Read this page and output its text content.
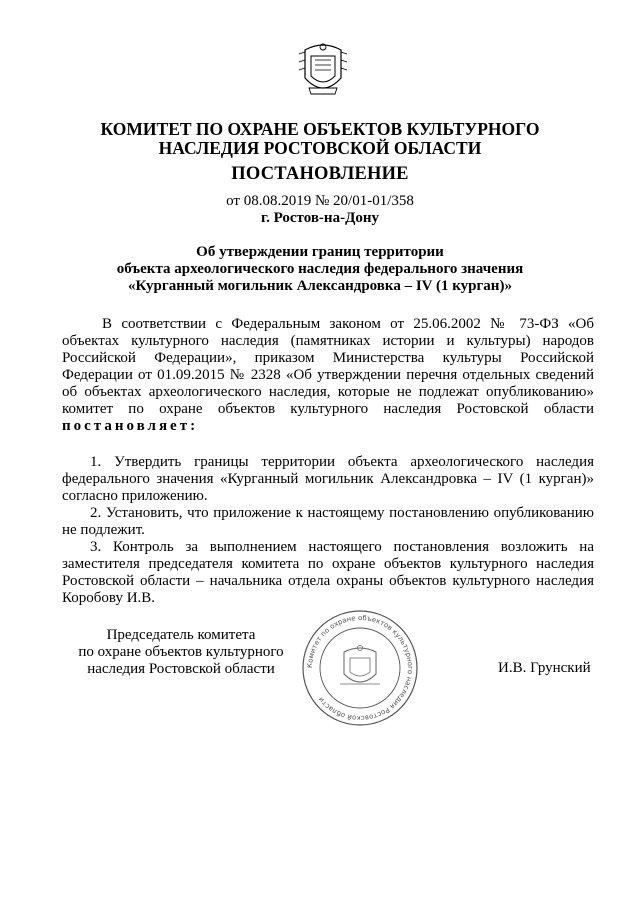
КОМИТЕТ ПО ОХРАНЕ ОБЪЕКТОВ КУЛЬТУРНОГО
НАСЛЕДИЯ РОСТОВСКОЙ ОБЛАСТИ
ПОСТАНОВЛЕНИЕ
от 08.08.2019 № 20/01-01/358
г. Ростов-на-Дону
Об утверждении границ территории
объекта археологического наследия федерального значения
«Курганный могильник Александровка – IV (1 курган)»
В соответствии с Федеральным законом от 25.06.2002 № 73-ФЗ «Об объектах культурного наследия (памятниках истории и культуры) народов Российской Федерации», приказом Министерства культуры Российской Федерации от 01.09.2015 № 2328 «Об утверждении перечня отдельных сведений об объектах археологического наследия, которые не подлежат опубликованию» комитет по охране объектов культурного наследия Ростовской области постановляет:

1. Утвердить границы территории объекта археологического наследия федерального значения «Курганный могильник Александровка – IV (1 курган)» согласно приложению.

2. Установить, что приложение к настоящему постановлению опубликованию не подлежит.

3. Контроль за выполнением настоящего постановления возложить на заместителя председателя комитета по охране объектов культурного наследия Ростовской области – начальника отдела охраны объектов культурного наследия Коробову И.В.

Председатель комитета
по охране объектов культурного
наследия Ростовской области	Комитет по охране объектов культурного наследия Ростовской области
И.В. Грунский
